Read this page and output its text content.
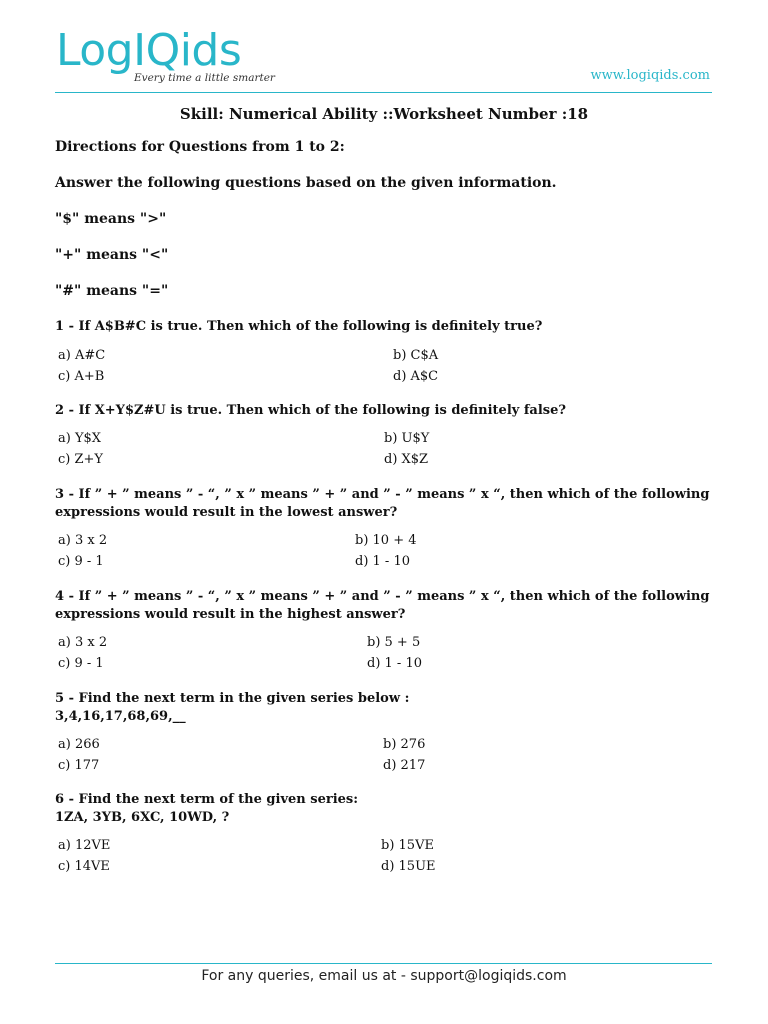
LogIQids
Every time a little smarter	www.logiqids.com
Skill: Numerical Ability ::Worksheet Number :18
Directions for Questions from 1 to 2:
Answer the following questions based on the given information.
"$" means ">"
"+" means "<"
"#" means "="
1 - If A$B#C is true. Then which of the following is definitely true?
a) A#C	b) C$A
c) A+B	d) A$C
2 - If X+Y$Z#U is true. Then which of the following is definitely false?
a) Y$X	b) U$Y
c) Z+Y	d) X$Z
3 - If ” + ” means ” - “, ” x ” means ” + ” and ” - ” means ” x “, then which of the following
expressions would result in the lowest answer?
a) 3 x 2	b) 10 + 4
c) 9 - 1	d) 1 - 10
4 - If ” + ” means ” - “, ” x ” means ” + ” and ” - ” means ” x “, then which of the following
expressions would result in the highest answer?
a) 3 x 2	b) 5 + 5
c) 9 - 1	d) 1 - 10
5 - Find the next term in the given series below :
3,4,16,17,68,69,__
a) 266	b) 276
c) 177	d) 217
6 - Find the next term of the given series:
1ZA, 3YB, 6XC, 10WD, ?
a) 12VE	b) 15VE
c) 14VE	d) 15UE
For any queries, email us at - support@logiqids.com
